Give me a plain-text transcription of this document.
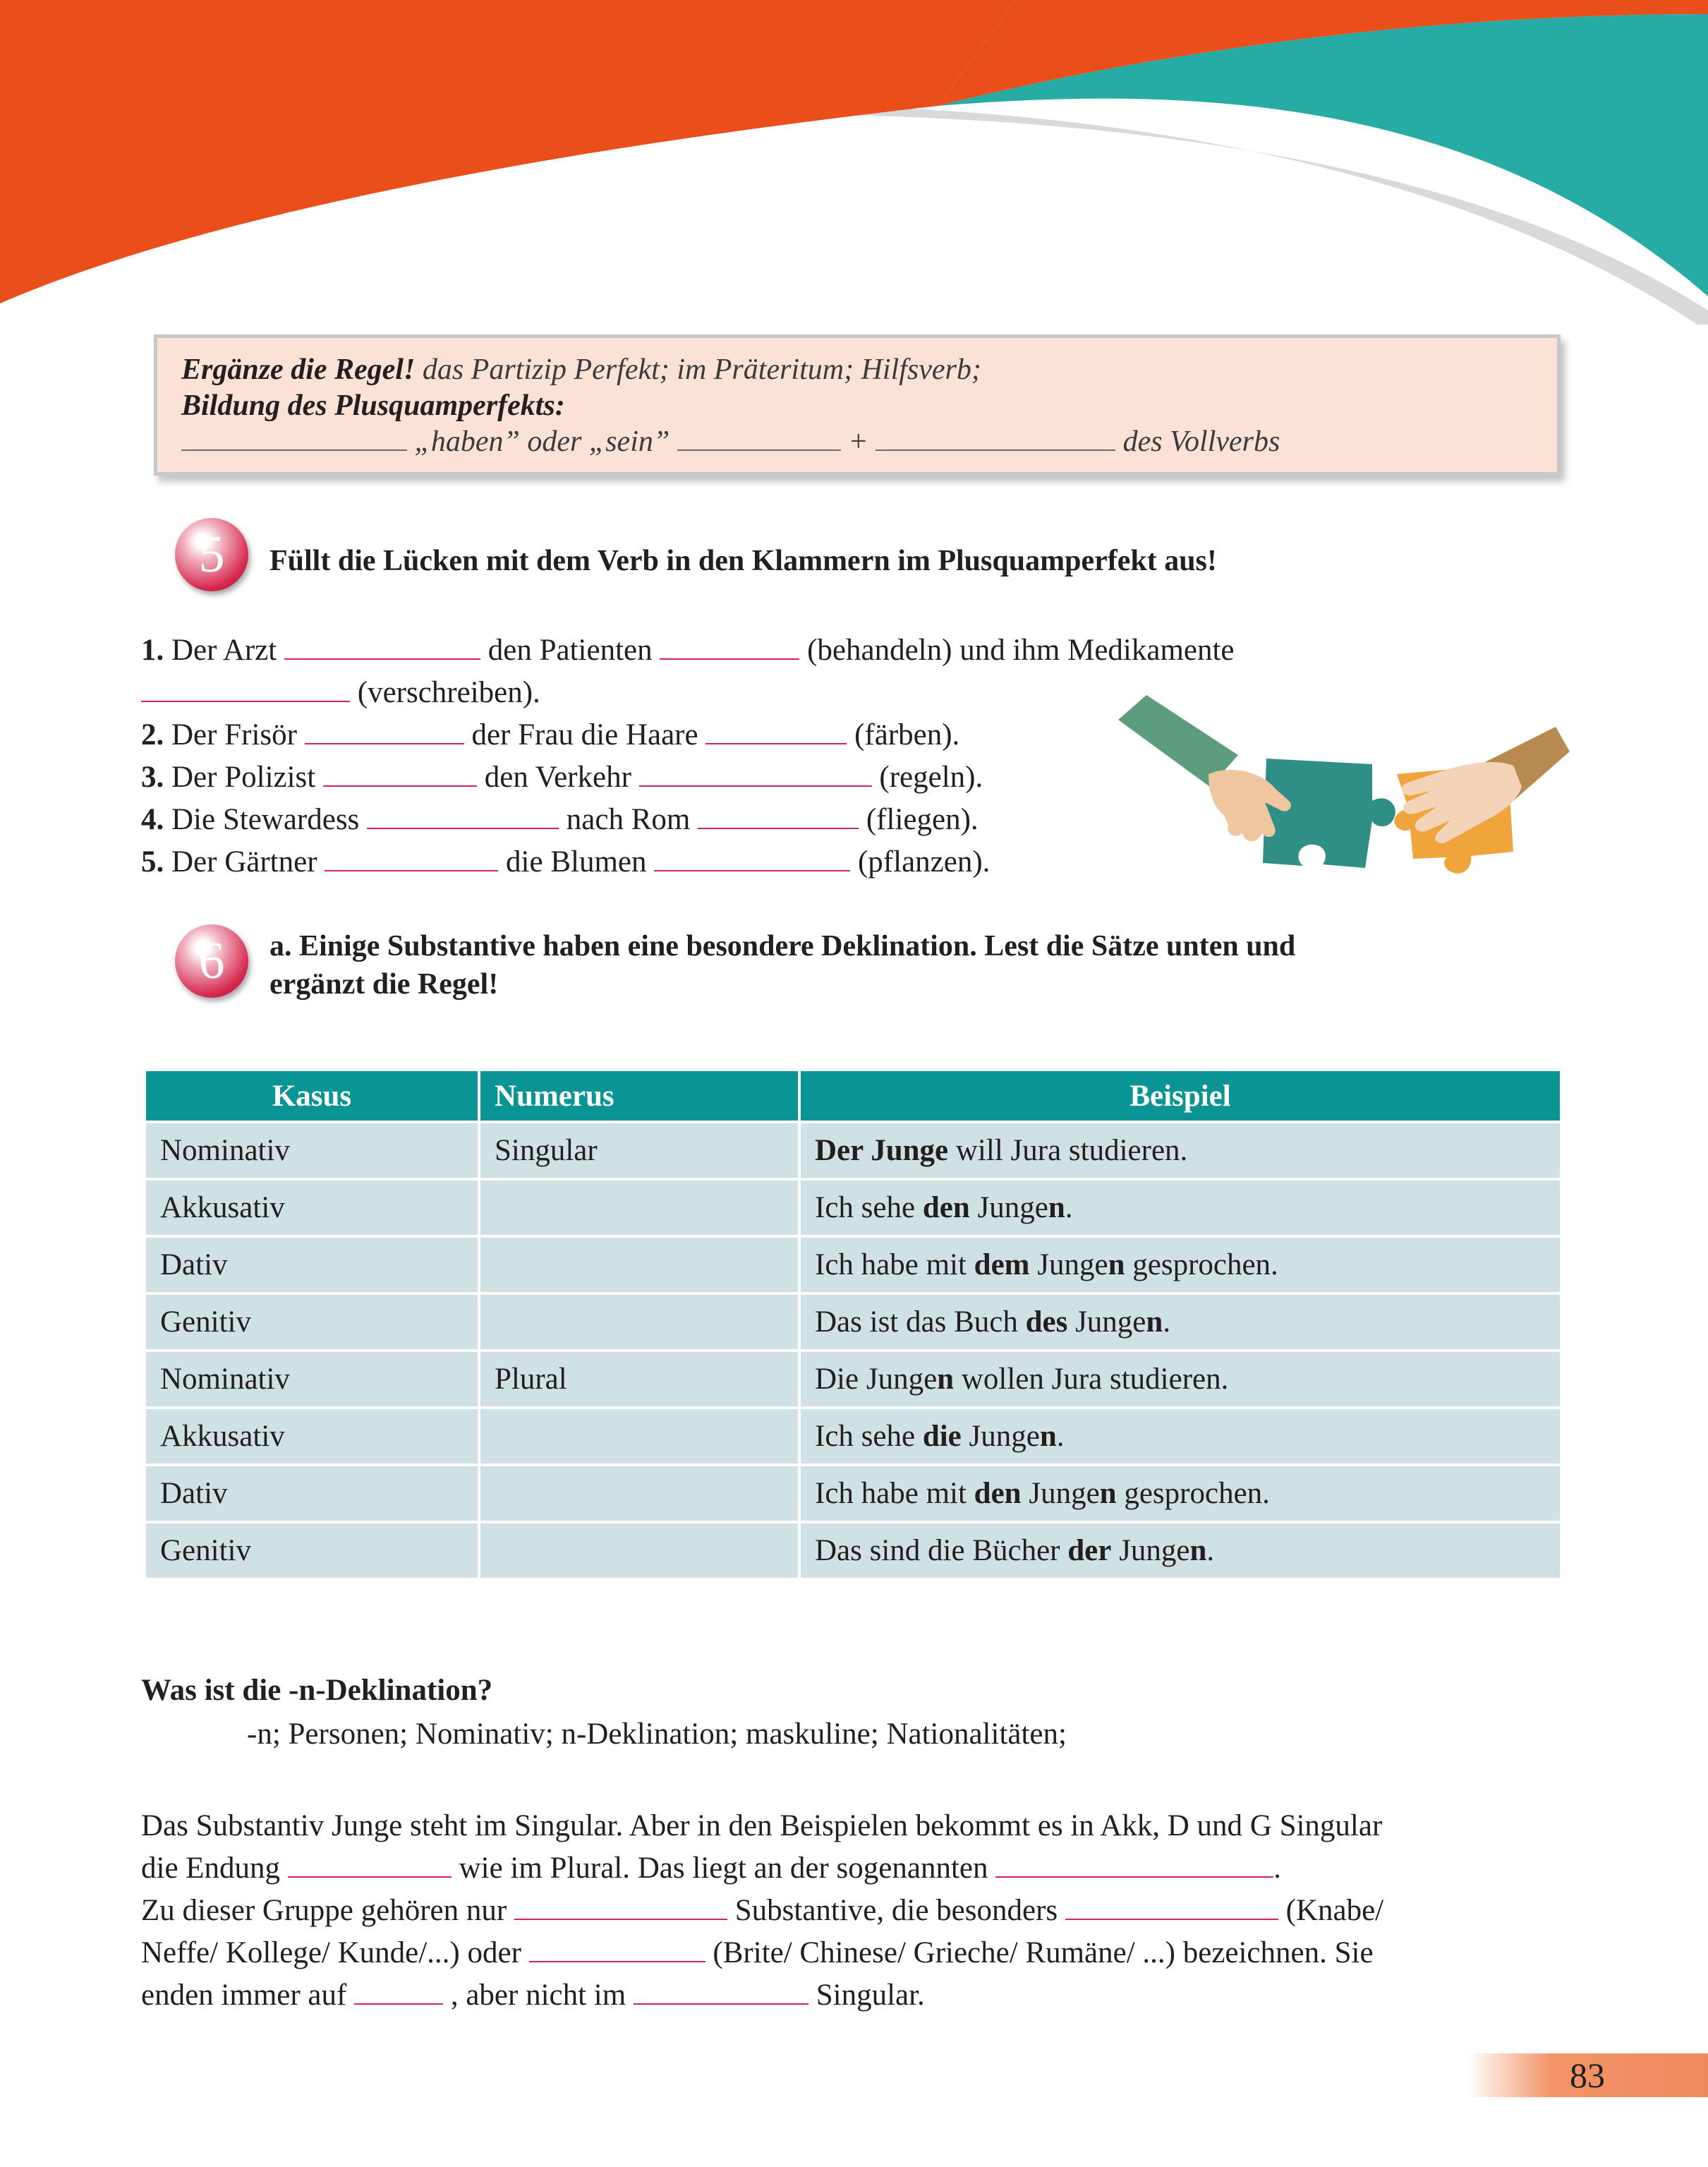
Ergänze die Regel! das Partizip Perfekt; im Präteritum; Hilfsverb;
Bildung des Plusquamperfekts:
„haben” oder „sein”	+	des Vollverbs
5	Füllt die Lücken mit dem Verb in den Klammern im Plusquamperfekt aus!
1. Der Arzt	den Patienten	(behandeln) und ihm Medikamente
(verschreiben).
2. Der Frisör	der Frau die Haare	(färben).
3. Der Polizist	den Verkehr	(regeln).
4. Die Stewardess	nach Rom	(fliegen).
5. Der Gärtner	die Blumen	(pflanzen).
6	a. Einige Substantive haben eine besondere Deklination. Lest die Sätze unten und
ergänzt die Regel!
Kasus	Numerus	Beispiel
Nominativ	Singular	Der Junge will Jura studieren.
Akkusativ		Ich sehe den Jungen.
Dativ		Ich habe mit dem Jungen gesprochen.
Genitiv		Das ist das Buch des Jungen.
Nominativ	Plural	Die Jungen wollen Jura studieren.
Akkusativ		Ich sehe die Jungen.
Dativ		Ich habe mit den Jungen gesprochen.
Genitiv		Das sind die Bücher der Jungen.
Was ist die -n-Deklination?
-n; Personen; Nominativ; n-Deklination; maskuline; Nationalitäten;
Das Substantiv Junge steht im Singular. Aber in den Beispielen bekommt es in Akk, D und G Singular
die Endung	wie im Plural. Das liegt an der sogenannten	.
Zu dieser Gruppe gehören nur	Substantive, die besonders	(Knabe/
Neffe/ Kollege/ Kunde/...) oder	(Brite/ Chinese/ Grieche/ Rumäne/ ...) bezeichnen. Sie
enden immer auf	, aber nicht im	Singular.
83
